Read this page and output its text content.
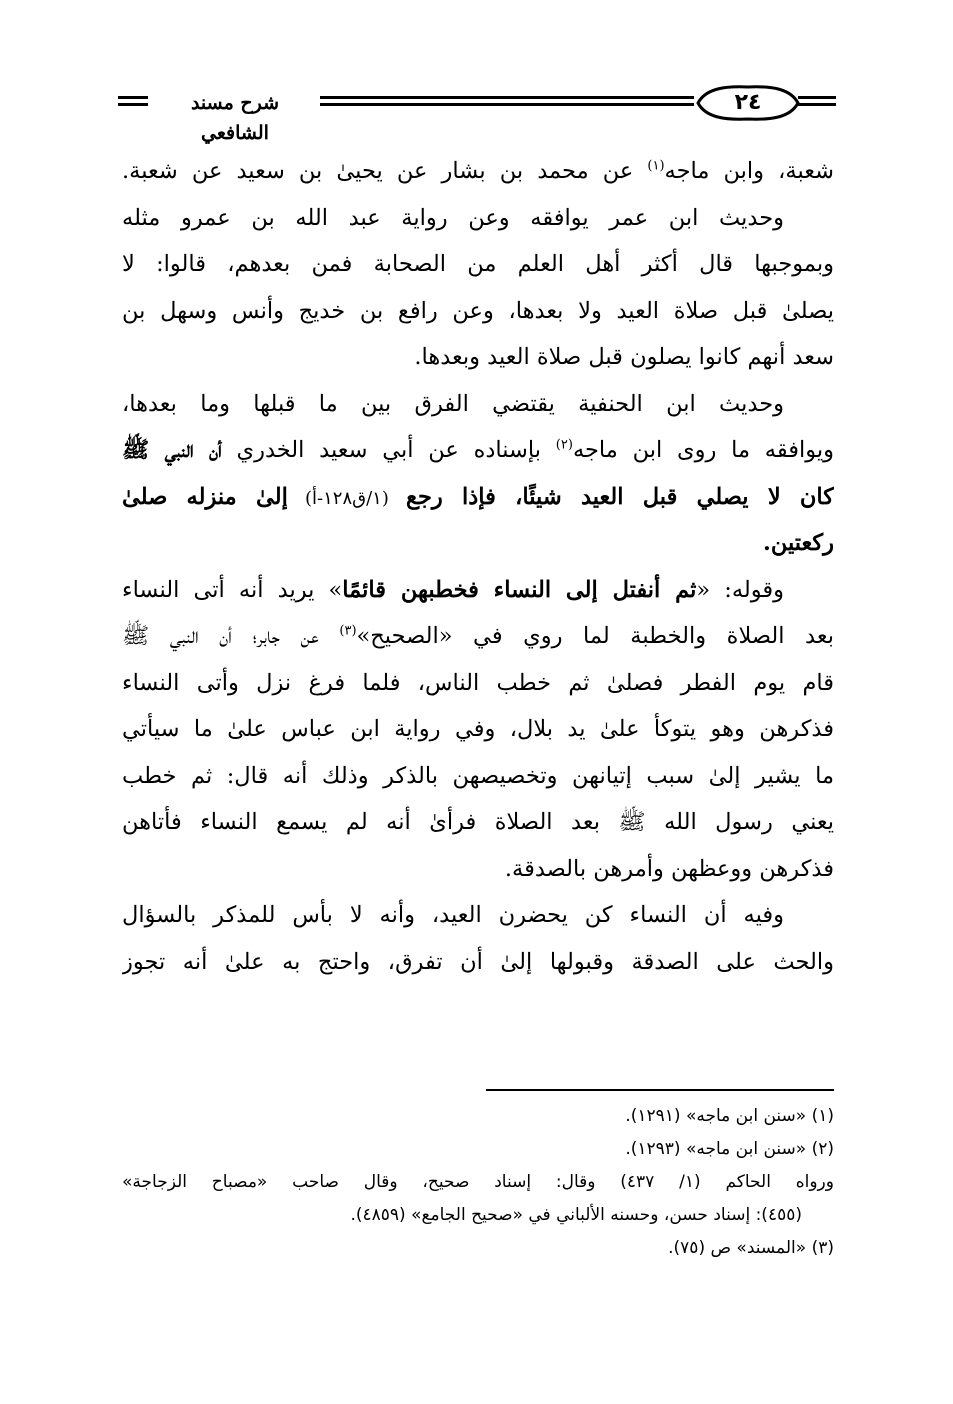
شرح مسند الشافعي
٢٤
شعبة، وابن ماجه$^{(١)}$ عن محمد بن بشار عن يحيىٰ بن سعيد عن شعبة.
وحديث ابن عمر يوافقه وعن رواية عبد الله بن عمرو مثله
وبموجبها قال أكثر أهل العلم من الصحابة فمن بعدهم، قالوا: لا
يصلىٰ قبل صلاة العيد ولا بعدها، وعن رافع بن خديج وأنس وسهل بن
سعد أنهم كانوا يصلون قبل صلاة العيد وبعدها.
وحديث ابن الحنفية يقتضي الفرق بين ما قبلها وما بعدها،
ويوافقه ما روى ابن ماجه$^{(٢)}$ بإسناده عن أبي سعيد الخدري أن النبي ﷺ
كان لا يصلي قبل العيد شيئًا، فإذا رجع (١/ق١٢٨-أ) إلىٰ منزله صلىٰ
ركعتين.
وقوله: «ثم أنفتل إلى النساء فخطبهن قائمًا» يريد أنه أتى النساء
بعد الصلاة والخطبة لما روي في «الصحيح»$^{(٣)}$ عن جابر؛ أن النبي ﷺ
قام يوم الفطر فصلىٰ ثم خطب الناس، فلما فرغ نزل وأتى النساء
فذكرهن وهو يتوكأ علىٰ يد بلال، وفي رواية ابن عباس علىٰ ما سيأتي
ما يشير إلىٰ سبب إتيانهن وتخصيصهن بالذكر وذلك أنه قال: ثم خطب
يعني رسول الله ﷺ بعد الصلاة فرأىٰ أنه لم يسمع النساء فأتاهن
فذكرهن ووعظهن وأمرهن بالصدقة.
وفيه أن النساء كن يحضرن العيد، وأنه لا بأس للمذكر بالسؤال
والحث على الصدقة وقبولها إلىٰ أن تفرق، واحتج به علىٰ أنه تجوز
(١) «سنن ابن ماجه» (١٢٩١).
(٢) «سنن ابن ماجه» (١٢٩٣).
ورواه الحاكم (١/ ٤٣٧) وقال: إسناد صحيح، وقال صاحب «مصباح الزجاجة»
(٤٥٥): إسناد حسن، وحسنه الألباني في «صحيح الجامع» (٤٨٥٩).
(٣) «المسند» ص (٧٥).
